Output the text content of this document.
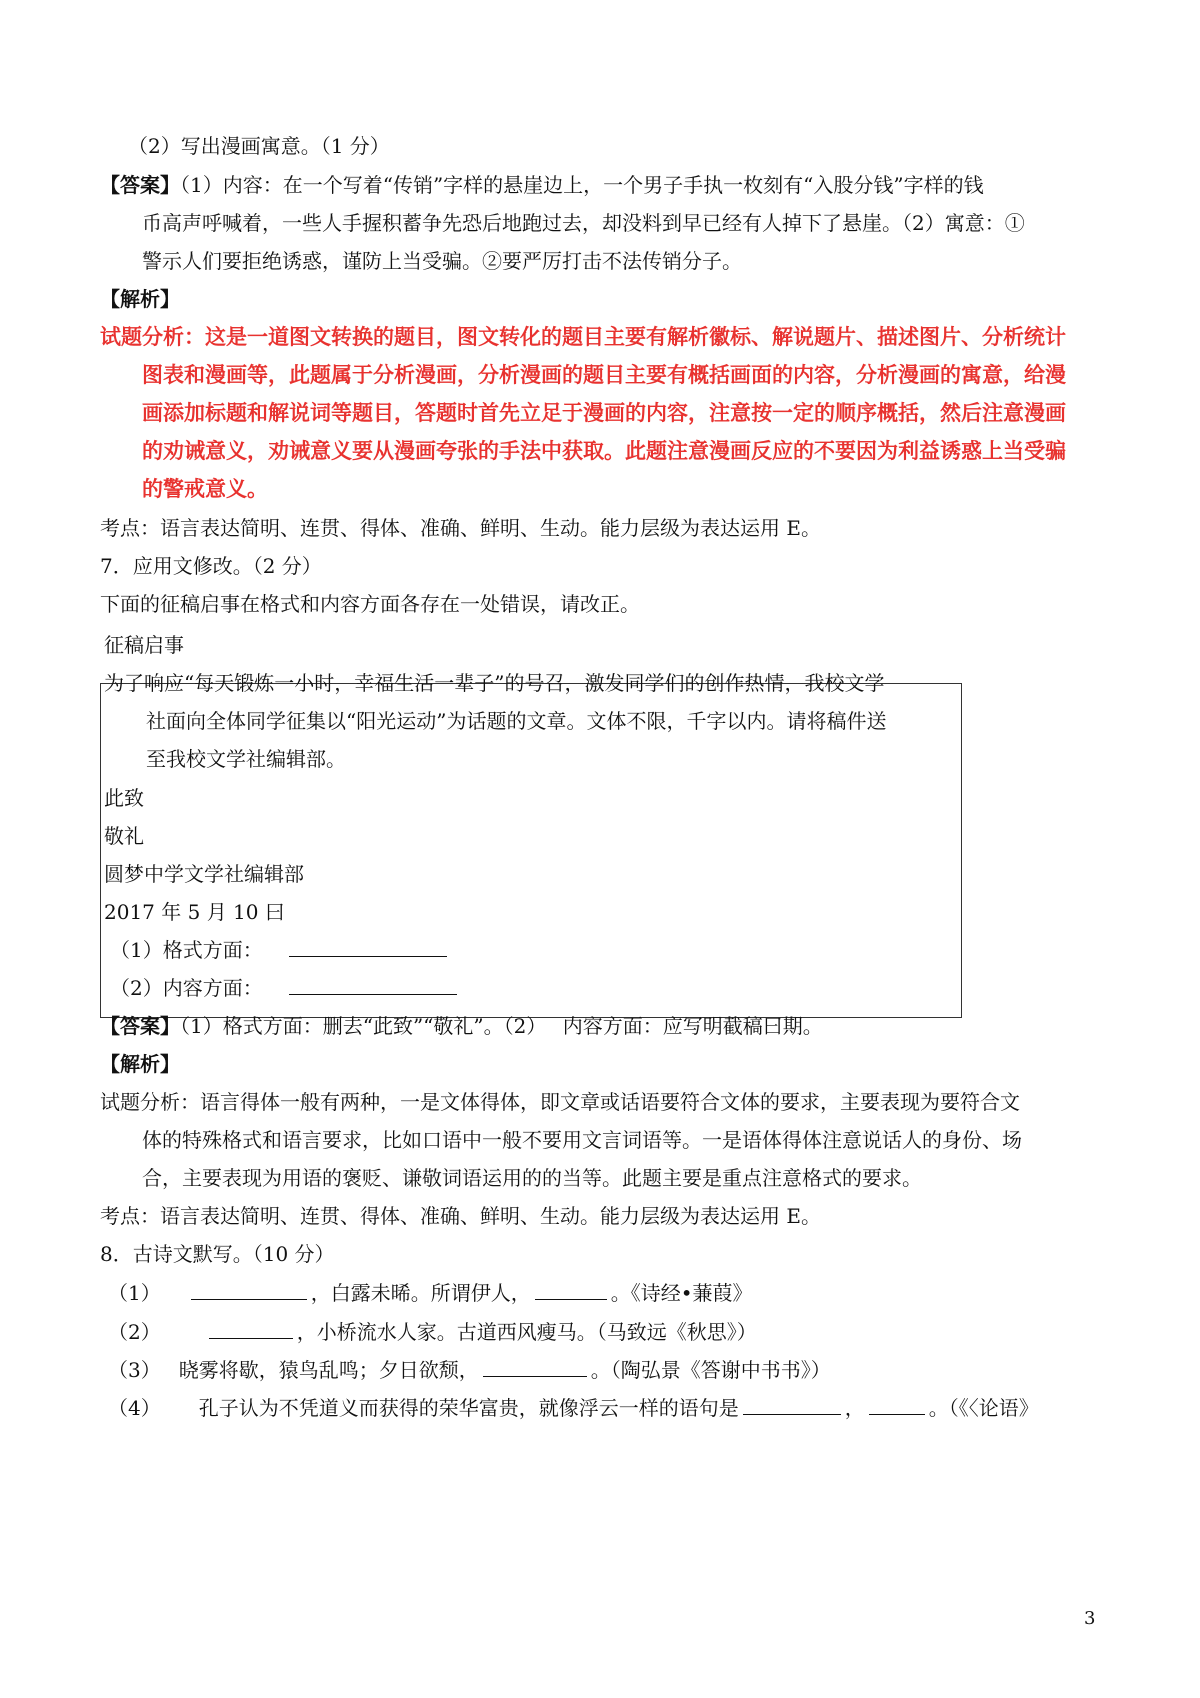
（2）写出漫画寓意。（1 分）
【答案】（1）内容：在一个写着“传销”字样的悬崖边上，一个男子手执一枚刻有“入股分钱”字样的钱
币高声呼喊着，一些人手握积蓄争先恐后地跑过去，却没料到早已经有人掉下了悬崖。（2）寓意：①
警示人们要拒绝诱惑，谨防上当受骗。②要严厉打击不法传销分子。
【解析】
试题分析：这是一道图文转换的题目，图文转化的题目主要有解析徽标、解说题片、描述图片、分析统计
图表和漫画等，此题属于分析漫画，分析漫画的题目主要有概括画面的内容，分析漫画的寓意，给漫
画添加标题和解说词等题目，答题时首先立足于漫画的内容，注意按一定的顺序概括，然后注意漫画
的劝诫意义，劝诫意义要从漫画夸张的手法中获取。此题注意漫画反应的不要因为利益诱惑上当受骗
的警戒意义。
考点：语言表达简明、连贯、得体、准确、鲜明、生动。能力层级为表达运用 E。
7．应用文修改。（2 分）
下面的征稿启事在格式和内容方面各存在一处错误，请改正。
征稿启事
为了响应“每天锻炼一小时，幸福生活一辈子”的号召，激发同学们的创作热情，我校文学
社面向全体同学征集以“阳光运动”为话题的文章。文体不限，千字以内。请将稿件送
至我校文学社编辑部。
此致
敬礼
圆梦中学文学社编辑部
2017 年 5 月 10 曰
（1）格式方面：
（2）内容方面：
【答案】（1）格式方面：删去“此致”“敬礼”。（2）　 内容方面：应写明截稿曰期。
【解析】
试题分析：语言得体一般有两种，一是文体得体，即文章或话语要符合文体的要求，主要表现为要符合文
体的特殊格式和语言要求，比如口语中一般不要用文言词语等。一是语体得体注意说话人的身份、场
合，主要表现为用语的褒贬、谦敬词语运用的的当等。此题主要是重点注意格式的要求。
考点：语言表达简明、连贯、得体、准确、鲜明、生动。能力层级为表达运用 E。
8．古诗文默写。（10 分）
（1）	，白露未晞。所谓伊人，	。《诗经•蒹葭》
（2）	，小桥流水人家。古道西风瘦马。（马致远《秋思》）
（3） 晓雾将歇，猿鸟乱鸣；夕日欲颓，	。（陶弘景《答谢中书书》）
（4） 孔子认为不凭道义而获得的荣华富贵，就像浮云一样的语句是	，	。（《〈论语》
3
